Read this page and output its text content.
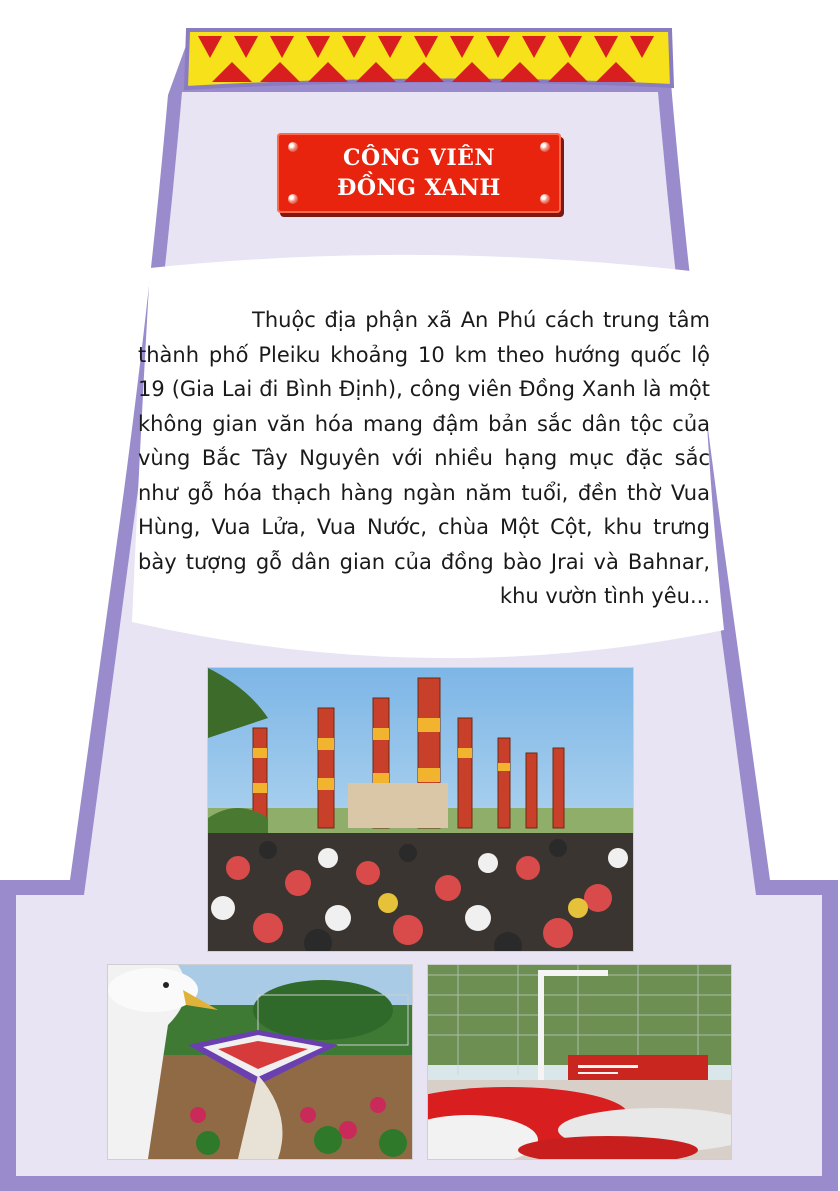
CÔNG VIÊN
ĐỒNG XANH

Thuộc địa phận xã An Phú cách trung tâm thành phố Pleiku khoảng 10 km theo hướng quốc lộ 19 (Gia Lai đi Bình Định), công viên Đồng Xanh là một không gian văn hóa mang đậm bản sắc dân tộc của vùng Bắc Tây Nguyên với nhiều hạng mục đặc sắc như gỗ hóa thạch hàng ngàn năm tuổi, đền thờ Vua Hùng, Vua Lửa, Vua Nước, chùa Một Cột, khu trưng bày tượng gỗ dân gian của đồng bào Jrai và Bahnar, khu vườn tình yêu...
